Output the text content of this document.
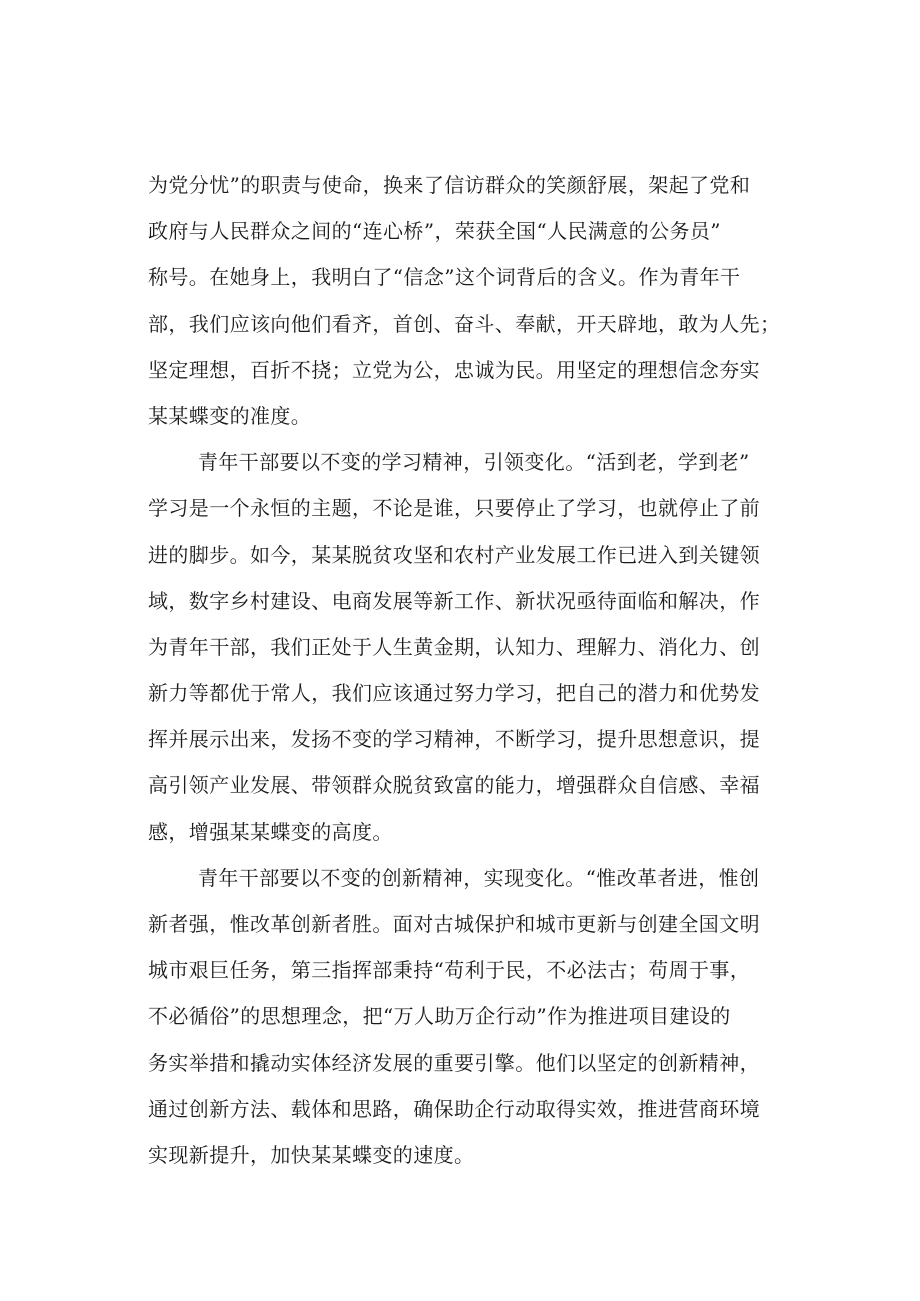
为党分忧”的职责与使命，换来了信访群众的笑颜舒展，架起了党和
政府与人民群众之间的“连心桥”，荣获全国“人民满意的公务员”
称号。在她身上，我明白了“信念”这个词背后的含义。作为青年干
部，我们应该向他们看齐，首创、奋斗、奉献，开天辟地，敢为人先；
坚定理想，百折不挠；立党为公，忠诚为民。用坚定的理想信念夯实
某某蝶变的准度。
青年干部要以不变的学习精神，引领变化。“活到老，学到老”
学习是一个永恒的主题，不论是谁，只要停止了学习，也就停止了前
进的脚步。如今，某某脱贫攻坚和农村产业发展工作已进入到关键领
域，数字乡村建设、电商发展等新工作、新状况亟待面临和解决，作
为青年干部，我们正处于人生黄金期，认知力、理解力、消化力、创
新力等都优于常人，我们应该通过努力学习，把自己的潜力和优势发
挥并展示出来，发扬不变的学习精神，不断学习，提升思想意识，提
高引领产业发展、带领群众脱贫致富的能力，增强群众自信感、幸福
感，增强某某蝶变的高度。
青年干部要以不变的创新精神，实现变化。“惟改革者进，惟创
新者强，惟改革创新者胜。面对古城保护和城市更新与创建全国文明
城市艰巨任务，第三指挥部秉持“苟利于民，不必法古；苟周于事，
不必循俗”的思想理念，把“万人助万企行动”作为推进项目建设的
务实举措和撬动实体经济发展的重要引擎。他们以坚定的创新精神，
通过创新方法、载体和思路，确保助企行动取得实效，推进营商环境
实现新提升，加快某某蝶变的速度。
